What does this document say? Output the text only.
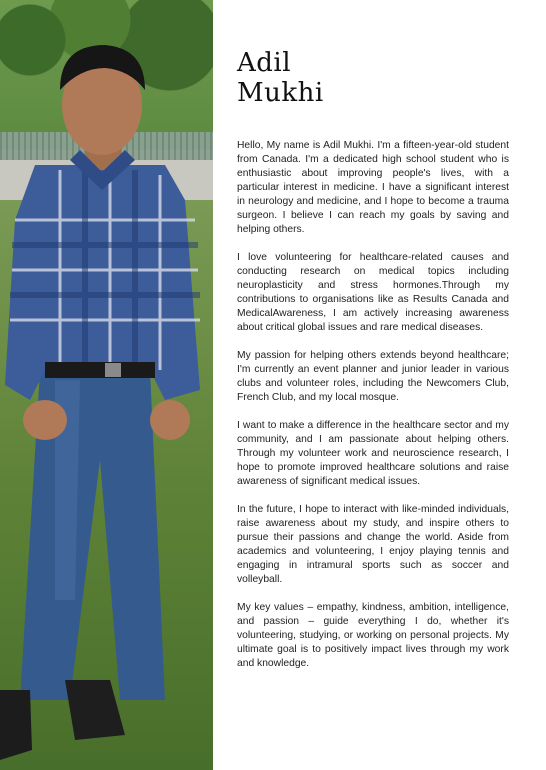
Adil
Mukhi

Hello, My name is Adil Mukhi. I'm a fifteen-year-old student from Canada. I'm a dedicated high school student who is enthusiastic about improving people's lives, with a particular interest in medicine. I have a significant interest in neurology and medicine, and I hope to become a trauma surgeon. I believe I can reach my goals by saving and helping others.

I love volunteering for healthcare-related causes and conducting research on medical topics including neuroplasticity and stress hormones.Through my contributions to organisations like as Results Canada and MedicalAwareness, I am actively increasing awareness about critical global issues and rare medical diseases.

My passion for helping others extends beyond healthcare; I'm currently an event planner and junior leader in various clubs and volunteer roles, including the Newcomers Club, French Club, and my local mosque.

I want to make a difference in the healthcare sector and my community, and I am passionate about helping others. Through my volunteer work and neuroscience research, I hope to promote improved healthcare solutions and raise awareness of significant medical issues.

In the future, I hope to interact with like-minded individuals, raise awareness about my study, and inspire others to pursue their passions and change the world. Aside from academics and volunteering, I enjoy playing tennis and engaging in intramural sports such as soccer and volleyball.

My key values – empathy, kindness, ambition, intelligence, and passion – guide everything I do, whether it's volunteering, studying, or working on personal projects. My ultimate goal is to positively impact lives through my work and knowledge.
